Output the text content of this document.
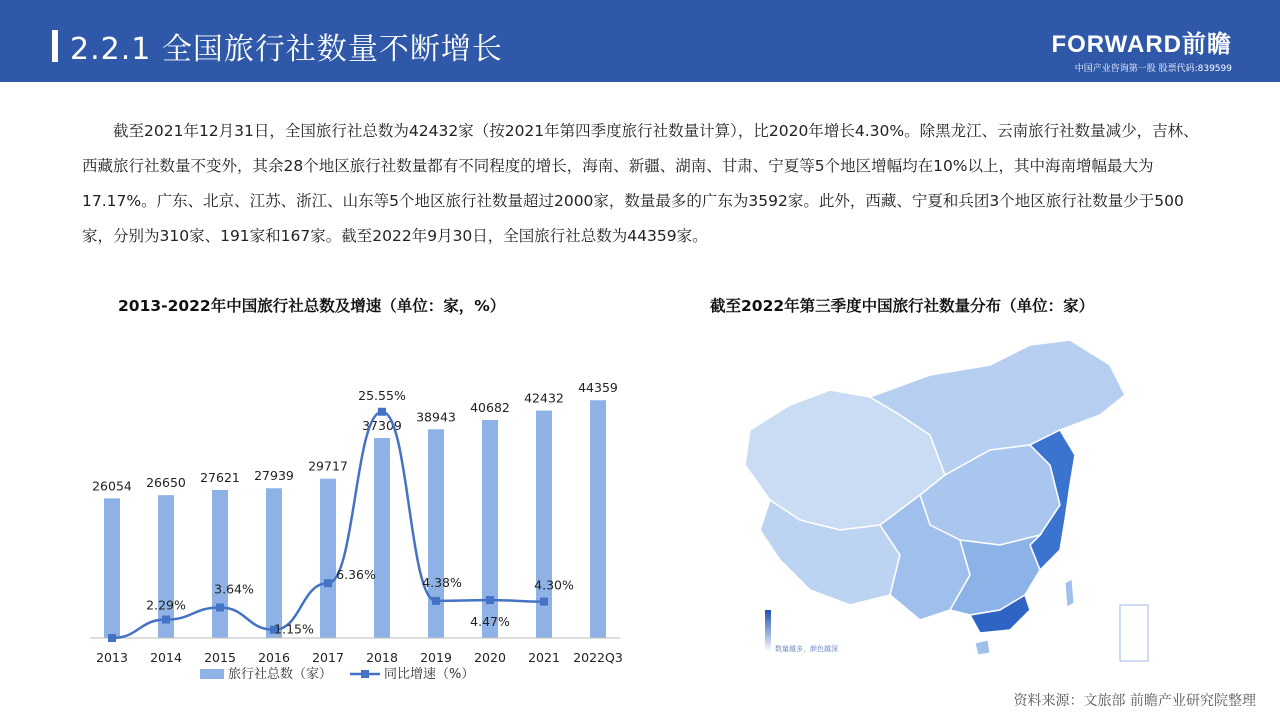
2.2.1 全国旅行社数量不断增长	FORWARD前瞻
中国产业咨询第一股 股票代码:839599
截至2021年12月31日，全国旅行社总数为42432家（按2021年第四季度旅行社数量计算），比2020年增长4.30%。除黑龙江、云南旅行社数量减少，吉林、西藏旅行社数量不变外，其余28个地区旅行社数量都有不同程度的增长，海南、新疆、湖南、甘肃、宁夏等5个地区增幅均在10%以上，其中海南增幅最大为17.17%。广东、北京、江苏、浙江、山东等5个地区旅行社数量超过2000家，数量最多的广东为3592家。此外，西藏、宁夏和兵团3个地区旅行社数量少于500家，分别为310家、191家和167家。截至2022年9月30日，全国旅行社总数为44359家。
2013-2022年中国旅行社总数及增速（单位：家，%）	截至2022年第三季度中国旅行社数量分布（单位：家）
26054 26650 27621 27939
29717
37309
38943
40682
42432
44359
2.29%
3.64%
1.15%
6.36%
25.55%
4.38%
4.47%
4.30%
2013 2014 2015 2016 2017 2018 2019 2020 2021 2022Q3
旅行社总数（家）	同比增速（%）
数量越多，颜色越深
资料来源：文旅部 前瞻产业研究院整理
